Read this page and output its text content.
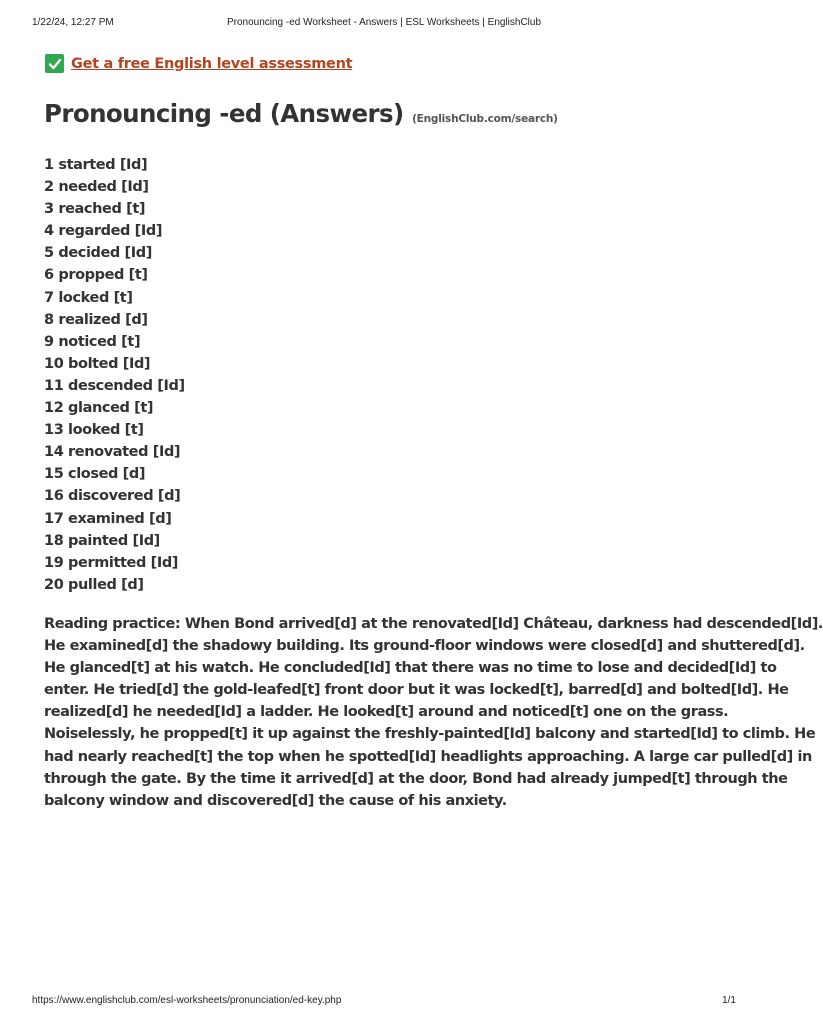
1/22/24, 12:27 PM	Pronouncing -ed Worksheet - Answers | ESL Worksheets | EnglishClub
Get a free English level assessment
Pronouncing -ed (Answers) (EnglishClub.com/search)
1 started [Id]
2 needed [Id]
3 reached [t]
4 regarded [Id]
5 decided [Id]
6 propped [t]
7 locked [t]
8 realized [d]
9 noticed [t]
10 bolted [Id]
11 descended [Id]
12 glanced [t]
13 looked [t]
14 renovated [Id]
15 closed [d]
16 discovered [d]
17 examined [d]
18 painted [Id]
19 permitted [Id]
20 pulled [d]
Reading practice: When Bond arrived[d] at the renovated[Id] Château, darkness had descended[Id].
He examined[d] the shadowy building. Its ground-floor windows were closed[d] and shuttered[d].
He glanced[t] at his watch. He concluded[Id] that there was no time to lose and decided[Id] to
enter. He tried[d] the gold-leafed[t] front door but it was locked[t], barred[d] and bolted[Id]. He
realized[d] he needed[Id] a ladder. He looked[t] around and noticed[t] one on the grass.
Noiselessly, he propped[t] it up against the freshly-painted[Id] balcony and started[Id] to climb. He
had nearly reached[t] the top when he spotted[Id] headlights approaching. A large car pulled[d] in
through the gate. By the time it arrived[d] at the door, Bond had already jumped[t] through the
balcony window and discovered[d] the cause of his anxiety.
https://www.englishclub.com/esl-worksheets/pronunciation/ed-key.php	1/1
